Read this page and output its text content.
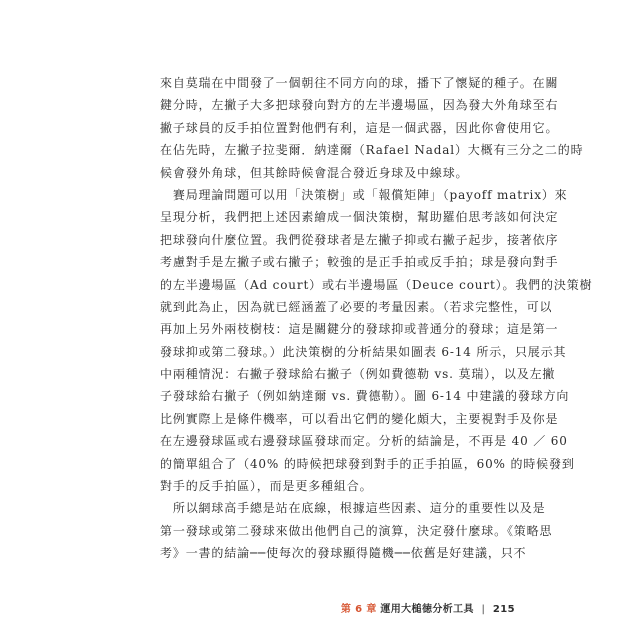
來自莫瑞在中間發了一個朝往不同方向的球，播下了懷疑的種子。在關
鍵分時，左撇子大多把球發向對方的左半邊場區，因為發大外角球至右
撇子球員的反手拍位置對他們有利，這是一個武器，因此你會使用它。
在佔先時，左撇子拉斐爾．納達爾（Rafael Nadal）大概有三分之二的時
候會發外角球，但其餘時候會混合發近身球及中線球。

　賽局理論問題可以用「決策樹」或「報償矩陣」（payoff matrix）來
呈現分析，我們把上述因素繪成一個決策樹，幫助羅伯思考該如何決定
把球發向什麼位置。我們從發球者是左撇子抑或右撇子起步，接著依序
考慮對手是左撇子或右撇子；較強的是正手拍或反手拍；球是發向對手
的左半邊場區（Ad court）或右半邊場區（Deuce court）。我們的決策樹
就到此為止，因為就已經涵蓋了必要的考量因素。（若求完整性，可以
再加上另外兩枝樹枝：這是關鍵分的發球抑或普通分的發球；這是第一
發球抑或第二發球。）此決策樹的分析結果如圖表 6-14 所示，只展示其
中兩種情況：右撇子發球給右撇子（例如費德勒 vs. 莫瑞），以及左撇
子發球給右撇子（例如納達爾 vs. 費德勒）。圖 6-14 中建議的發球方向
比例實際上是條件機率，可以看出它們的變化頗大，主要視對手及你是
在左邊發球區或右邊發球區發球而定。分析的結論是，不再是 40 ／ 60
的簡單組合了（40% 的時候把球發到對手的正手拍區，60% 的時候發到
對手的反手拍區），而是更多種組合。

　所以網球高手總是站在底線，根據這些因素、這分的重要性以及是
第一發球或第二發球來做出他們自己的演算，決定發什麼球。《策略思
考》一書的結論──使每次的發球顯得隨機──依舊是好建議，只不

第 6 章 運用大槌徳分析工具 | 215
